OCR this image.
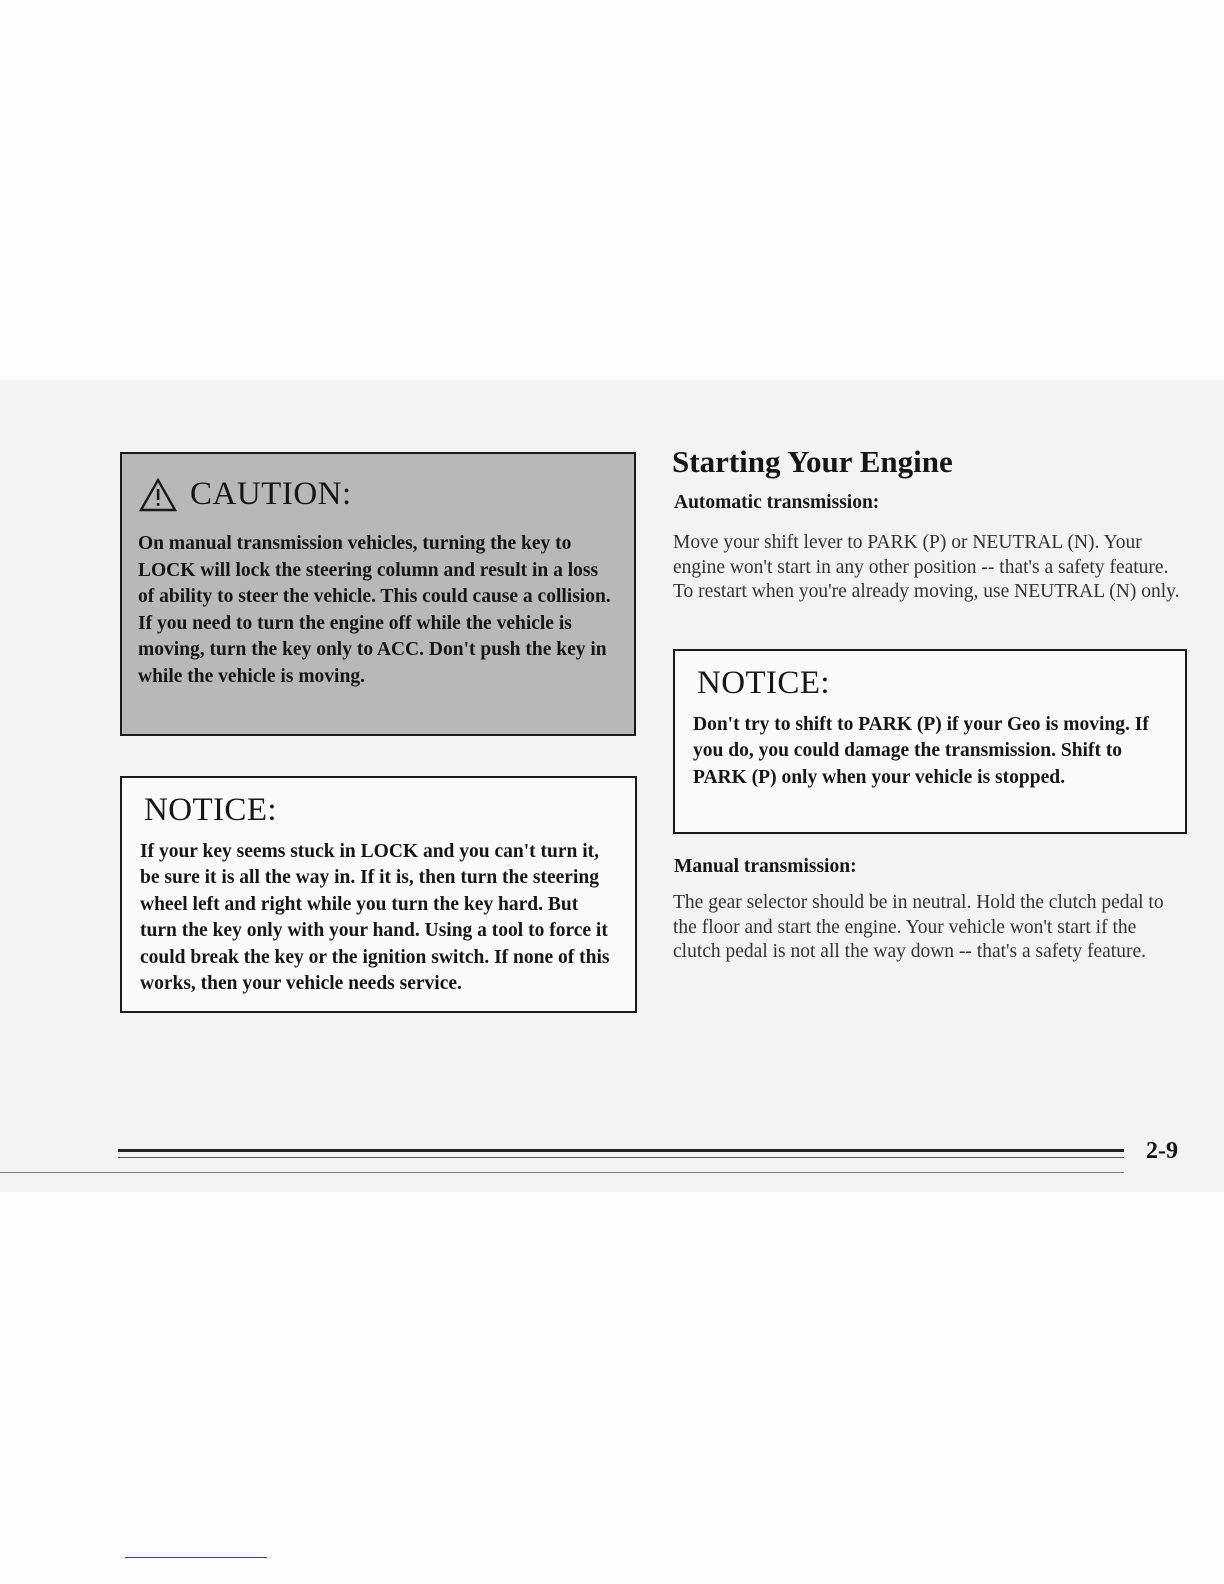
CAUTION:

On manual transmission vehicles, turning the key to LOCK will lock the steering column and result in a loss of ability to steer the vehicle. This could cause a collision. If you need to turn the engine off while the vehicle is moving, turn the key only to ACC. Don't push the key in while the vehicle is moving.

NOTICE:

If your key seems stuck in LOCK and you can't turn it, be sure it is all the way in. If it is, then turn the steering wheel left and right while you turn the key hard. But turn the key only with your hand. Using a tool to force it could break the key or the ignition switch. If none of this works, then your vehicle needs service.

Starting Your Engine
Automatic transmission:

Move your shift lever to PARK (P) or NEUTRAL (N). Your engine won't start in any other position -- that's a safety feature. To restart when you're already moving, use NEUTRAL (N) only.

NOTICE:

Don't try to shift to PARK (P) if your Geo is moving. If you do, you could damage the transmission. Shift to PARK (P) only when your vehicle is stopped.

Manual transmission:

The gear selector should be in neutral. Hold the clutch pedal to the floor and start the engine. Your vehicle won't start if the clutch pedal is not all the way down -- that's a safety feature.

2-9
